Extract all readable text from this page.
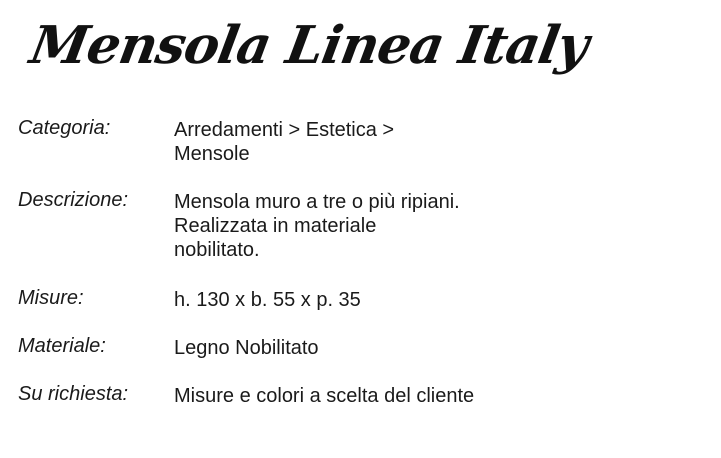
Mensola Linea Italy
Categoria:	Arredamenti > Estetica >
Mensole
Descrizione:	Mensola muro a tre o più ripiani.
Realizzata in materiale
nobilitato.
Misure:	h. 130 x b. 55 x p. 35
Materiale:	Legno Nobilitato
Su richiesta:	Misure e colori a scelta del cliente
